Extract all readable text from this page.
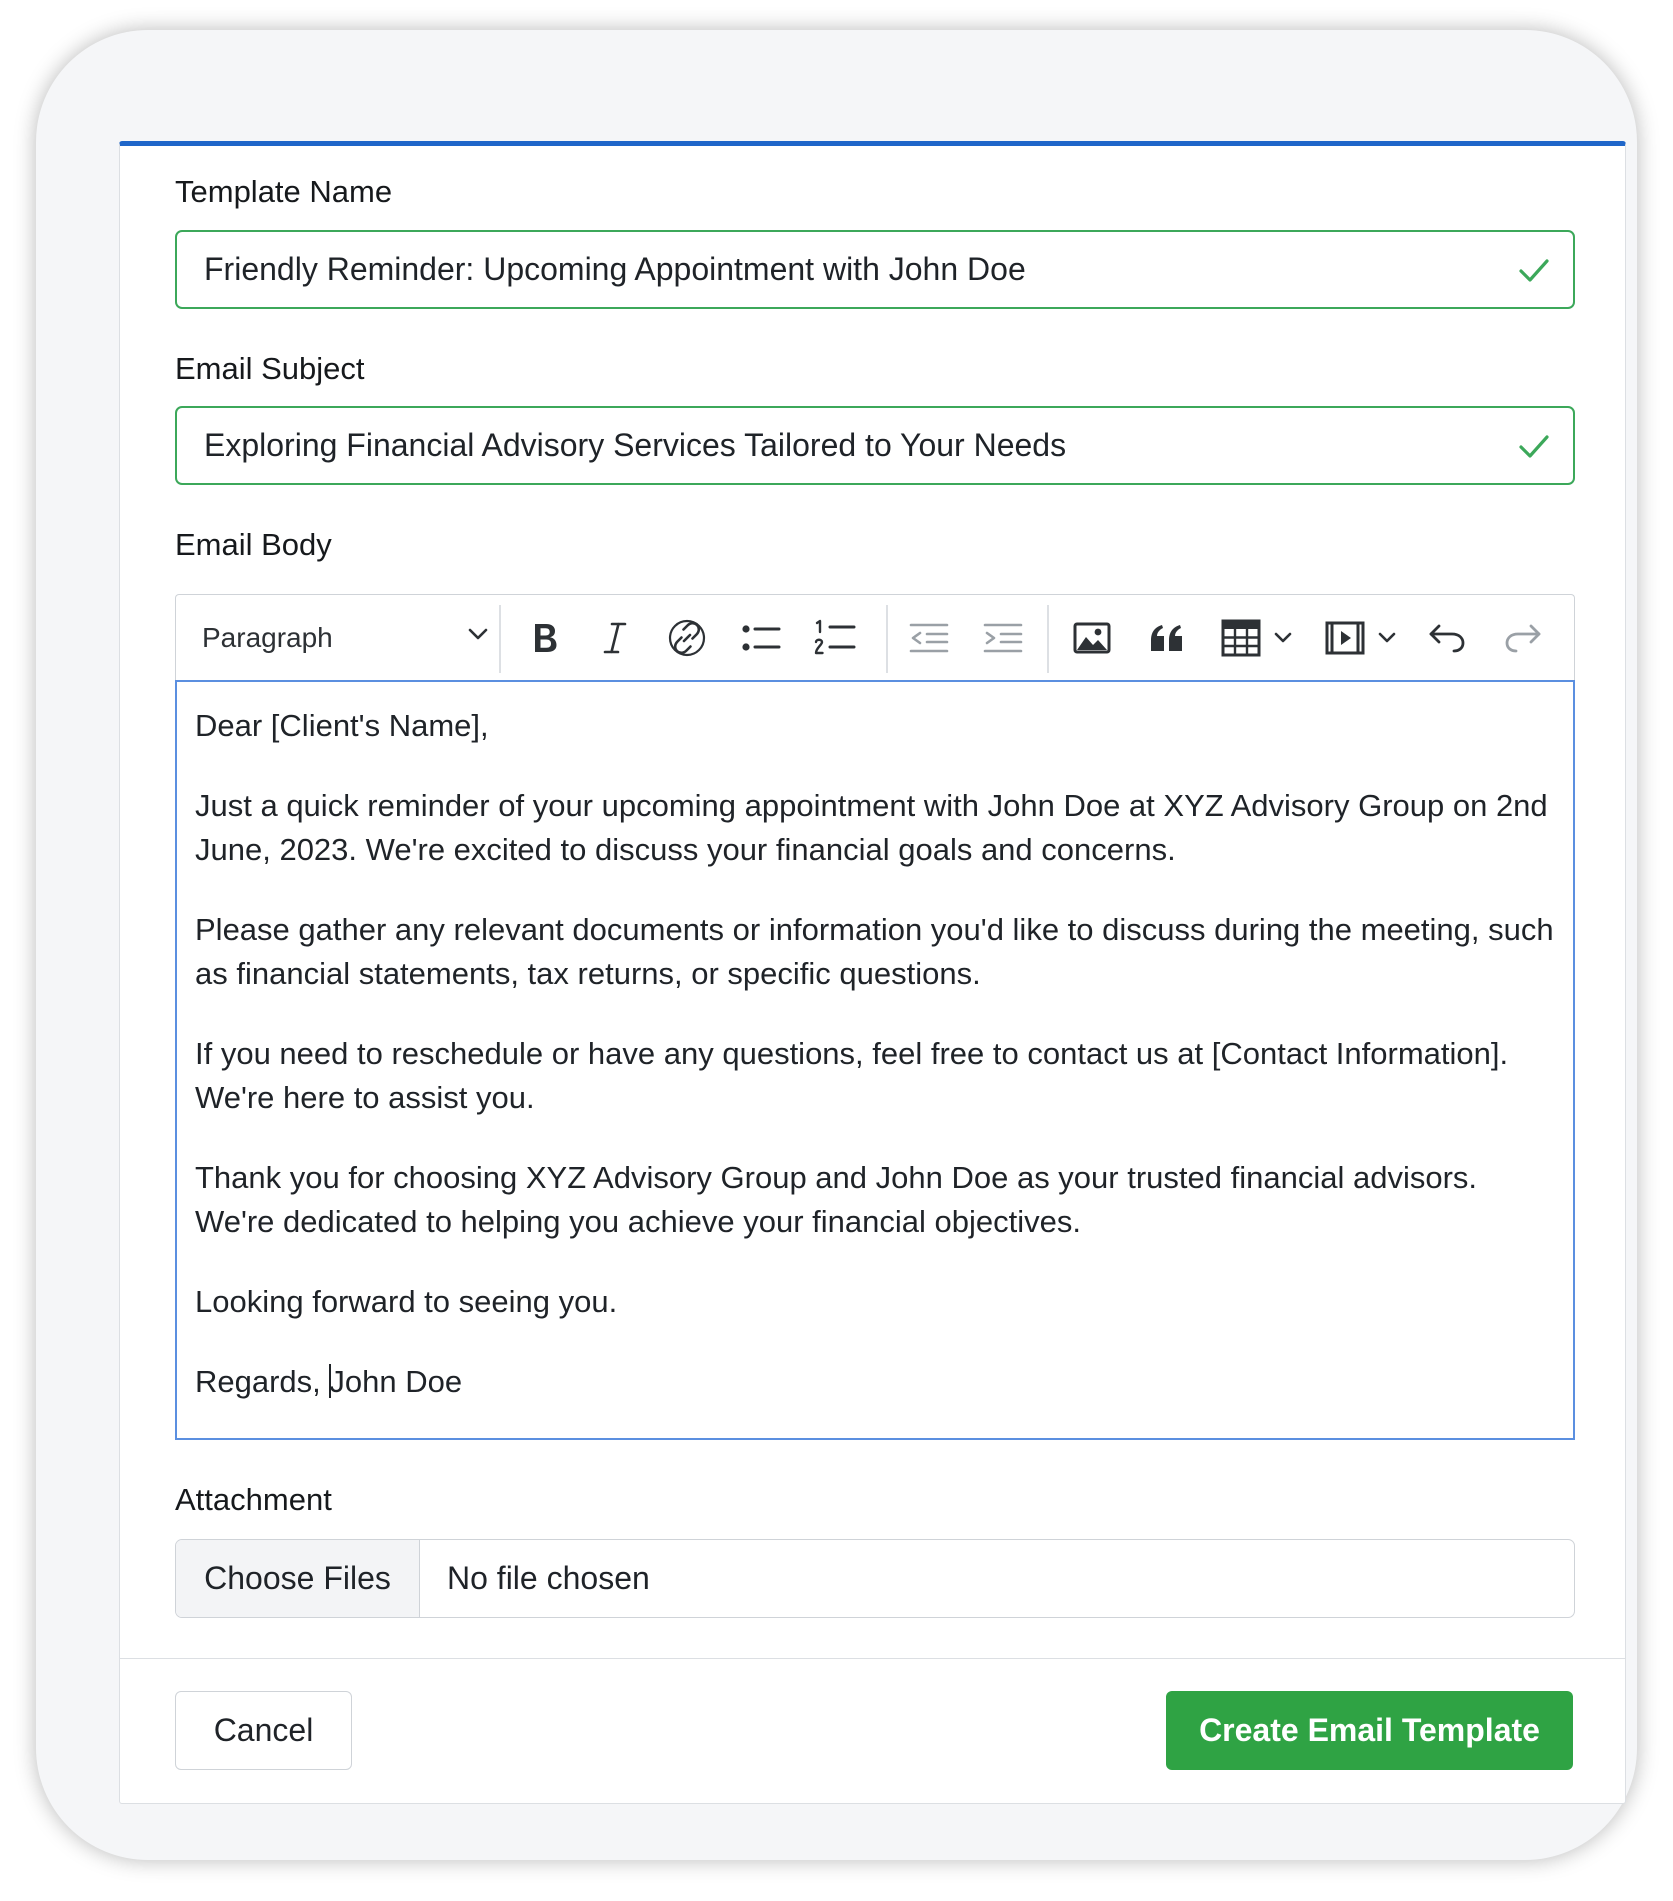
Template Name
Friendly Reminder: Upcoming Appointment with John Doe
Email Subject
Exploring Financial Advisory Services Tailored to Your Needs
Email Body
Paragraph

Dear [Client's Name],

Just a quick reminder of your upcoming appointment with John Doe at XYZ Advisory Group on 2nd June, 2023. We're excited to discuss your financial goals and concerns.

Please gather any relevant documents or information you'd like to discuss during the meeting, such as financial statements, tax returns, or specific questions.

If you need to reschedule or have any questions, feel free to contact us at [Contact Information]. We're here to assist you.

Thank you for choosing XYZ Advisory Group and John Doe as your trusted financial advisors. We're dedicated to helping you achieve your financial objectives.

Looking forward to seeing you.

Regards, John Doe

Attachment
Choose Files	No file chosen
Cancel	Create Email Template
